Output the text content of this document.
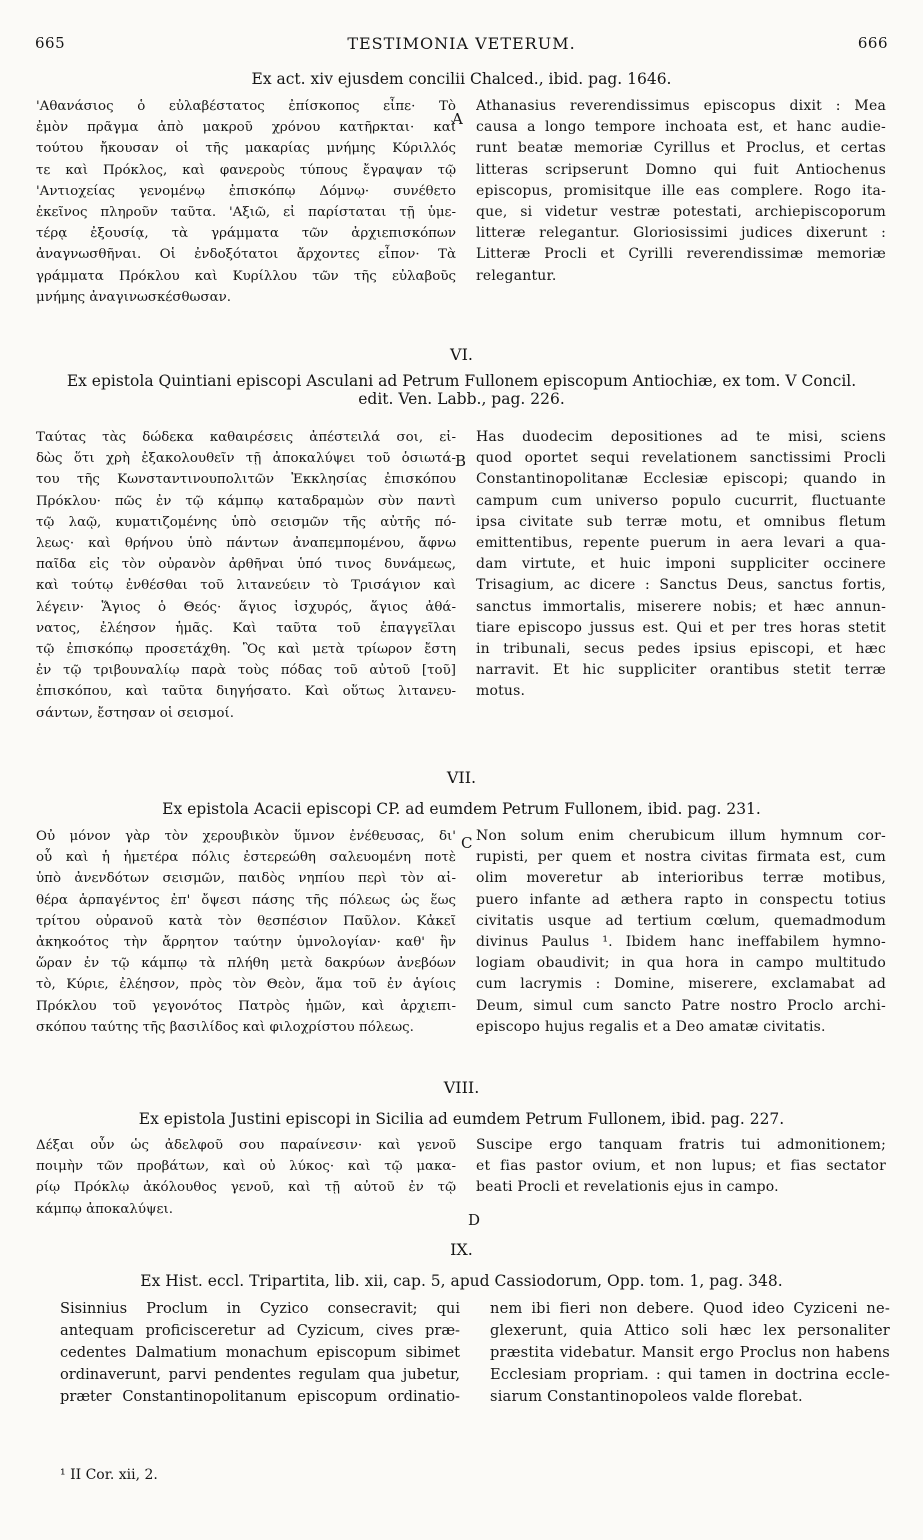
TESTIMONIA VETERUM.
665	666
Ex act. xiv ejusdem concilii Chalced., ibid. pag. 1646.
'Αθανάσιος ὁ εὐλαβέστατος ἐπίσκοπος εἶπε· Τὸ
ἐμὸν πρᾶγμα ἀπὸ μακροῦ χρόνου κατῆρκται· καὶ
τούτου ἤκουσαν οἱ τῆς μακαρίας μνήμης Κύριλλός
τε καὶ Πρόκλος, καὶ φανεροὺς τύπους ἔγραψαν τῷ
'Αντιοχείας γενομένῳ ἐπισκόπῳ Δόμνῳ· συνέθετο
ἐκεῖνος πληροῦν ταῦτα. 'Αξιῶ, εἰ παρίσταται τῇ ὑμε-
τέρᾳ ἐξουσίᾳ, τὰ γράμματα τῶν ἀρχιεπισκόπων
ἀναγνωσθῆναι. Οἱ ἐνδοξότατοι ἄρχοντες εἶπον· Τὰ
γράμματα Πρόκλου καὶ Κυρίλλου τῶν τῆς εὐλαβοῦς
μνήμης ἀναγινωσκέσθωσαν.
A
Athanasius reverendissimus episcopus dixit : Mea
causa a longo tempore inchoata est, et hanc audie-
runt beatæ memoriæ Cyrillus et Proclus, et certas
litteras scripserunt Domno qui fuit Antiochenus
episcopus, promisitque ille eas complere. Rogo ita-
que, si videtur vestræ potestati, archiepiscoporum
litteræ relegantur. Gloriosissimi judices dixerunt :
Litteræ Procli et Cyrilli reverendissimæ memoriæ
relegantur.
VI.
Ex epistola Quintiani episcopi Asculani ad Petrum Fullonem episcopum Antiochiæ, ex tom. V Concil.
edit. Ven. Labb., pag. 226.
Ταύτας τὰς δώδεκα καθαιρέσεις ἀπέστειλά σοι, εἰ-
δὼς ὅτι χρὴ ἐξακολουθεῖν τῇ ἀποκαλύψει τοῦ ὁσιωτά-
του τῆς Κωνσταντινουπολιτῶν Ἐκκλησίας ἐπισκόπου
Πρόκλου· πῶς ἐν τῷ κάμπῳ καταδραμὼν σὺν παντὶ
τῷ λαῷ, κυματιζομένης ὑπὸ σεισμῶν τῆς αὐτῆς πό-
λεως· καὶ θρήνου ὑπὸ πάντων ἀναπεμπομένου, ἄφνω
παῖδα εἰς τὸν οὐρανὸν ἀρθῆναι ὑπό τινος δυνάμεως,
καὶ τούτῳ ἐνθέσθαι τοῦ λιτανεύειν τὸ Τρισάγιον καὶ
λέγειν· Ἅγιος ὁ Θεός· ἅγιος ἰσχυρός, ἅγιος ἀθά-
νατος, ἐλέησον ἡμᾶς. Καὶ ταῦτα τοῦ ἐπαγγεῖλαι
τῷ ἐπισκόπῳ προσετάχθη. Ὃς καὶ μετὰ τρίωρον ἔστη
ἐν τῷ τριβουναλίῳ παρὰ τοὺς πόδας τοῦ αὐτοῦ [τοῦ]
ἐπισκόπου, καὶ ταῦτα διηγήσατο. Καὶ οὕτως λιτανευ-
σάντων, ἔστησαν οἱ σεισμοί.
B
Has duodecim depositiones ad te misi, sciens
quod oportet sequi revelationem sanctissimi Procli
Constantinopolitanæ Ecclesiæ episcopi; quando in
campum cum universo populo cucurrit, fluctuante
ipsa civitate sub terræ motu, et omnibus fletum
emittentibus, repente puerum in aera levari a qua-
dam virtute, et huic imponi suppliciter occinere
Trisagium, ac dicere : Sanctus Deus, sanctus fortis,
sanctus immortalis, miserere nobis; et hæc annun-
tiare episcopo jussus est. Qui et per tres horas stetit
in tribunali, secus pedes ipsius episcopi, et hæc
narravit. Et hic suppliciter orantibus stetit terræ
motus.
VII.
Ex epistola Acacii episcopi CP. ad eumdem Petrum Fullonem, ibid. pag. 231.
Οὐ μόνον γὰρ τὸν χερουβικὸν ὕμνον ἐνέθευσας, δι'
οὗ καὶ ἡ ἡμετέρα πόλις ἐστερεώθη σαλευομένη ποτὲ
ὑπὸ ἀνενδότων σεισμῶν, παιδὸς νηπίου περὶ τὸν αἰ-
θέρα ἁρπαγέντος ἐπ' ὄψεσι πάσης τῆς πόλεως ὡς ἕως
τρίτου οὐρανοῦ κατὰ τὸν θεσπέσιον Παῦλον. Κἀκεῖ
ἀκηκοότος τὴν ἄρρητον ταύτην ὑμνολογίαν· καθ' ἣν
ὥραν ἐν τῷ κάμπῳ τὰ πλήθη μετὰ δακρύων ἀνεβόων
τὸ, Κύριε, ἐλέησον, πρὸς τὸν Θεὸν, ἅμα τοῦ ἐν ἁγίοις
Πρόκλου τοῦ γεγονότος Πατρὸς ἡμῶν, καὶ ἀρχιεπι-
σκόπου ταύτης τῆς βασιλίδος καὶ φιλοχρίστου πόλεως.
C Non solum enim cherubicum illum hymnum cor-
rupisti, per quem et nostra civitas firmata est, cum
olim moveretur ab interioribus terræ motibus,
puero infante ad æthera rapto in conspectu totius
civitatis usque ad tertium cœlum, quemadmodum
divinus Paulus ¹. Ibidem hanc ineffabilem hymno-
logiam obaudivit; in qua hora in campo multitudo
cum lacrymis : Domine, miserere, exclamabat ad
Deum, simul cum sancto Patre nostro Proclo archi-
episcopo hujus regalis et a Deo amatæ civitatis.
VIII.
Ex epistola Justini episcopi in Sicilia ad eumdem Petrum Fullonem, ibid. pag. 227.
Δέξαι οὖν ὡς ἀδελφοῦ σου παραίνεσιν· καὶ γενοῦ
ποιμὴν τῶν προβάτων, καὶ οὐ λύκος· καὶ τῷ μακα-
ρίῳ Πρόκλῳ ἀκόλουθος γενοῦ, καὶ τῇ αὐτοῦ ἐν τῷ
κάμπῳ ἀποκαλύψει.
Suscipe ergo tanquam fratris tui admonitionem;
et fias pastor ovium, et non lupus; et fias sectator
beati Procli et revelationis ejus in campo.
D
IX.
Ex Hist. eccl. Tripartita, lib. xii, cap. 5, apud Cassiodorum, Opp. tom. 1, pag. 348.
Sisinnius Proclum in Cyzico consecravit; qui
antequam proficisceretur ad Cyzicum, cives præ-
cedentes Dalmatium monachum episcopum sibimet
ordinaverunt, parvi pendentes regulam qua jubetur,
præter Constantinopolitanum episcopum ordinatio-
nem ibi fieri non debere. Quod ideo Cyziceni ne-
glexerunt, quia Attico soli hæc lex personaliter
præstita videbatur. Mansit ergo Proclus non habens
Ecclesiam propriam. : qui tamen in doctrina eccle-
siarum Constantinopoleos valde florebat.
¹ II Cor. xii, 2.
